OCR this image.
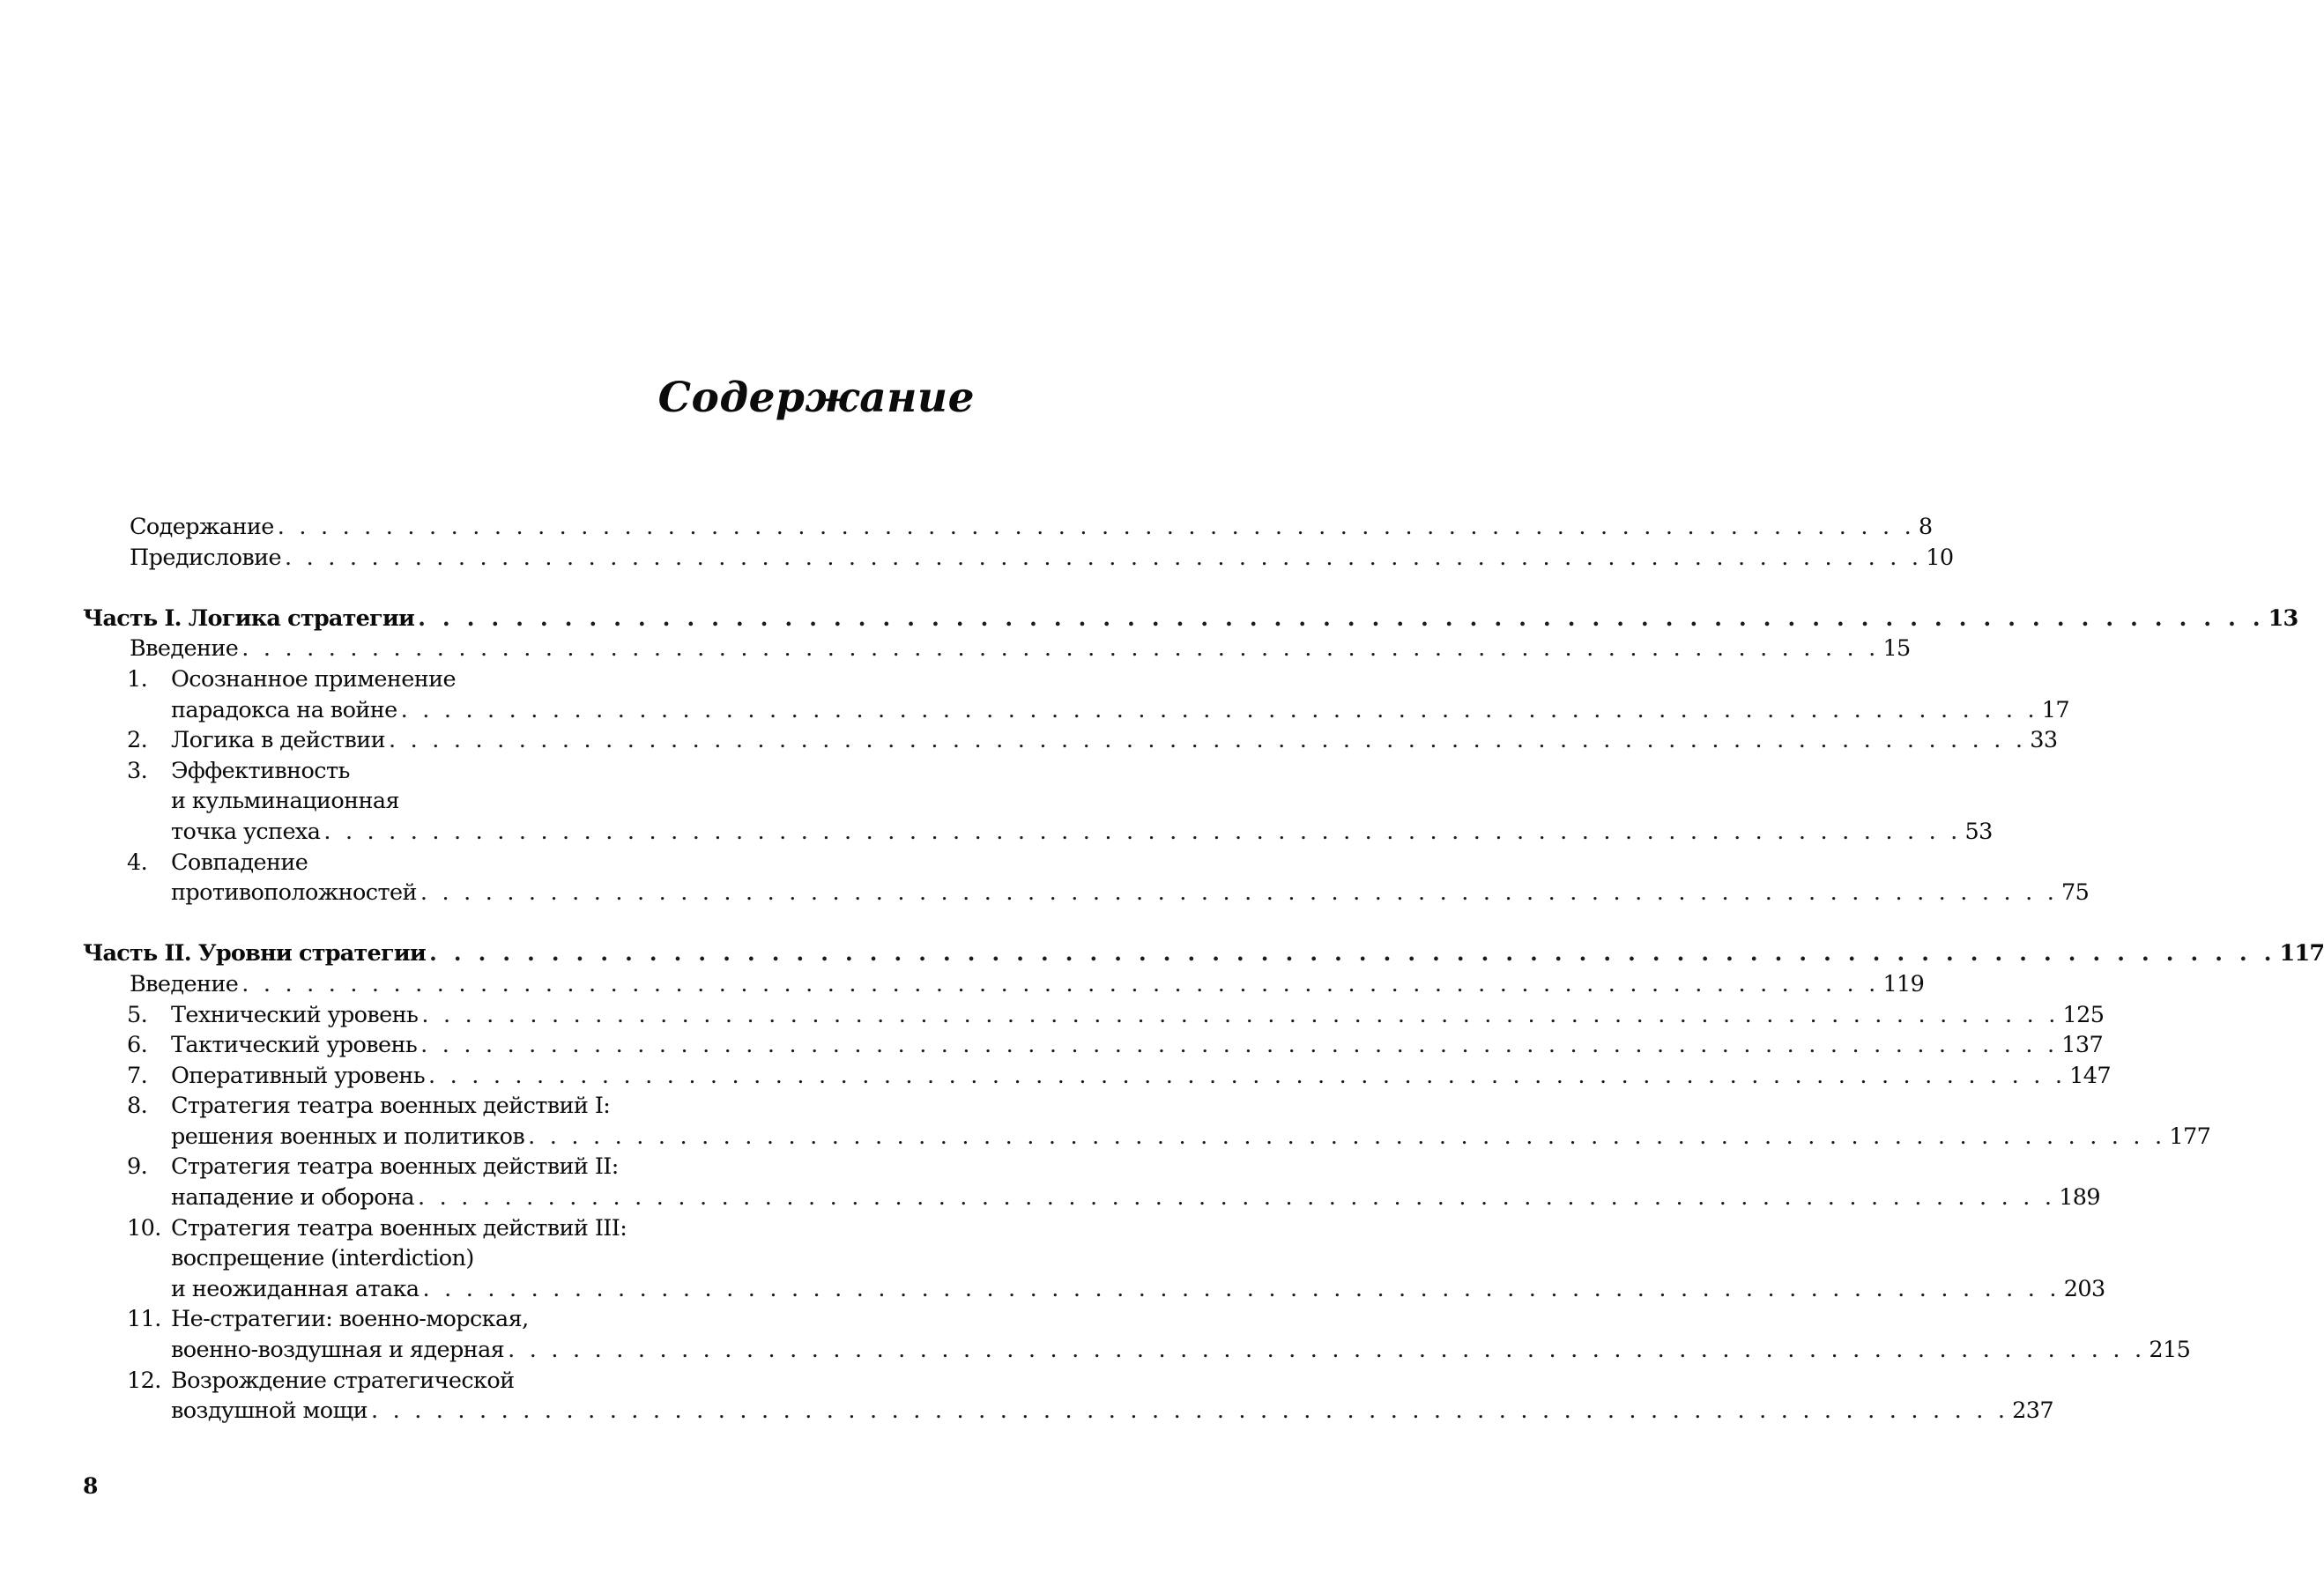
Содержание
Содержание . . . . . . . . . . . . . . . . . . . . . . . . . . . . . . . . . . . . . . . . . . . . . . . . . . . . . . . . . . . . . . . . . . . . . . . . . . . . 8
Предисловие . . . . . . . . . . . . . . . . . . . . . . . . . . . . . . . . . . . . . . . . . . . . . . . . . . . . . . . . . . . . . . . . . . . . . . . . . . . . 10
Часть I. Логика стратегии . . . . . . . . . . . . . . . . . . . . . . . . . . . . . . . . . . . . . . . . . . . . . . . . . . . . . . . . . . . . . . . . . . . . . . . . . . . . 13
Введение . . . . . . . . . . . . . . . . . . . . . . . . . . . . . . . . . . . . . . . . . . . . . . . . . . . . . . . . . . . . . . . . . . . . . . . . . . . . 15
1.	Осознанное применение
парадокса на войне . . . . . . . . . . . . . . . . . . . . . . . . . . . . . . . . . . . . . . . . . . . . . . . . . . . . . . . . . . . . . . . . . . . . . . . . . . . . 17
2.	Логика в действии . . . . . . . . . . . . . . . . . . . . . . . . . . . . . . . . . . . . . . . . . . . . . . . . . . . . . . . . . . . . . . . . . . . . . . . . . . . . 33
3.	Эффективность
и кульминационная
точка успеха . . . . . . . . . . . . . . . . . . . . . . . . . . . . . . . . . . . . . . . . . . . . . . . . . . . . . . . . . . . . . . . . . . . . . . . . . . . . 53
4.	Совпадение
противоположностей . . . . . . . . . . . . . . . . . . . . . . . . . . . . . . . . . . . . . . . . . . . . . . . . . . . . . . . . . . . . . . . . . . . . . . . . . . . . 75
Часть II. Уровни стратегии . . . . . . . . . . . . . . . . . . . . . . . . . . . . . . . . . . . . . . . . . . . . . . . . . . . . . . . . . . . . . . . . . . . . . . . . . . . . 117
Введение . . . . . . . . . . . . . . . . . . . . . . . . . . . . . . . . . . . . . . . . . . . . . . . . . . . . . . . . . . . . . . . . . . . . . . . . . . . . 119
5.	Технический уровень . . . . . . . . . . . . . . . . . . . . . . . . . . . . . . . . . . . . . . . . . . . . . . . . . . . . . . . . . . . . . . . . . . . . . . . . . . . . 125
6.	Тактический уровень . . . . . . . . . . . . . . . . . . . . . . . . . . . . . . . . . . . . . . . . . . . . . . . . . . . . . . . . . . . . . . . . . . . . . . . . . . . . 137
7.	Оперативный уровень . . . . . . . . . . . . . . . . . . . . . . . . . . . . . . . . . . . . . . . . . . . . . . . . . . . . . . . . . . . . . . . . . . . . . . . . . . . . 147
8.	Стратегия театра военных действий I:
решения военных и политиков . . . . . . . . . . . . . . . . . . . . . . . . . . . . . . . . . . . . . . . . . . . . . . . . . . . . . . . . . . . . . . . . . . . . . . . . . . . . 177
9.	Стратегия театра военных действий II:
нападение и оборона . . . . . . . . . . . . . . . . . . . . . . . . . . . . . . . . . . . . . . . . . . . . . . . . . . . . . . . . . . . . . . . . . . . . . . . . . . . . 189
10. Стратегия театра военных действий III:
воспрещение (interdiction)
и неожиданная атака . . . . . . . . . . . . . . . . . . . . . . . . . . . . . . . . . . . . . . . . . . . . . . . . . . . . . . . . . . . . . . . . . . . . . . . . . . . . 203
11. Не-стратегии: военно-морская,
военно-воздушная и ядерная . . . . . . . . . . . . . . . . . . . . . . . . . . . . . . . . . . . . . . . . . . . . . . . . . . . . . . . . . . . . . . . . . . . . . . . . . . . . 215
12. Возрождение стратегической
воздушной мощи . . . . . . . . . . . . . . . . . . . . . . . . . . . . . . . . . . . . . . . . . . . . . . . . . . . . . . . . . . . . . . . . . . . . . . . . . . . . 237
8
